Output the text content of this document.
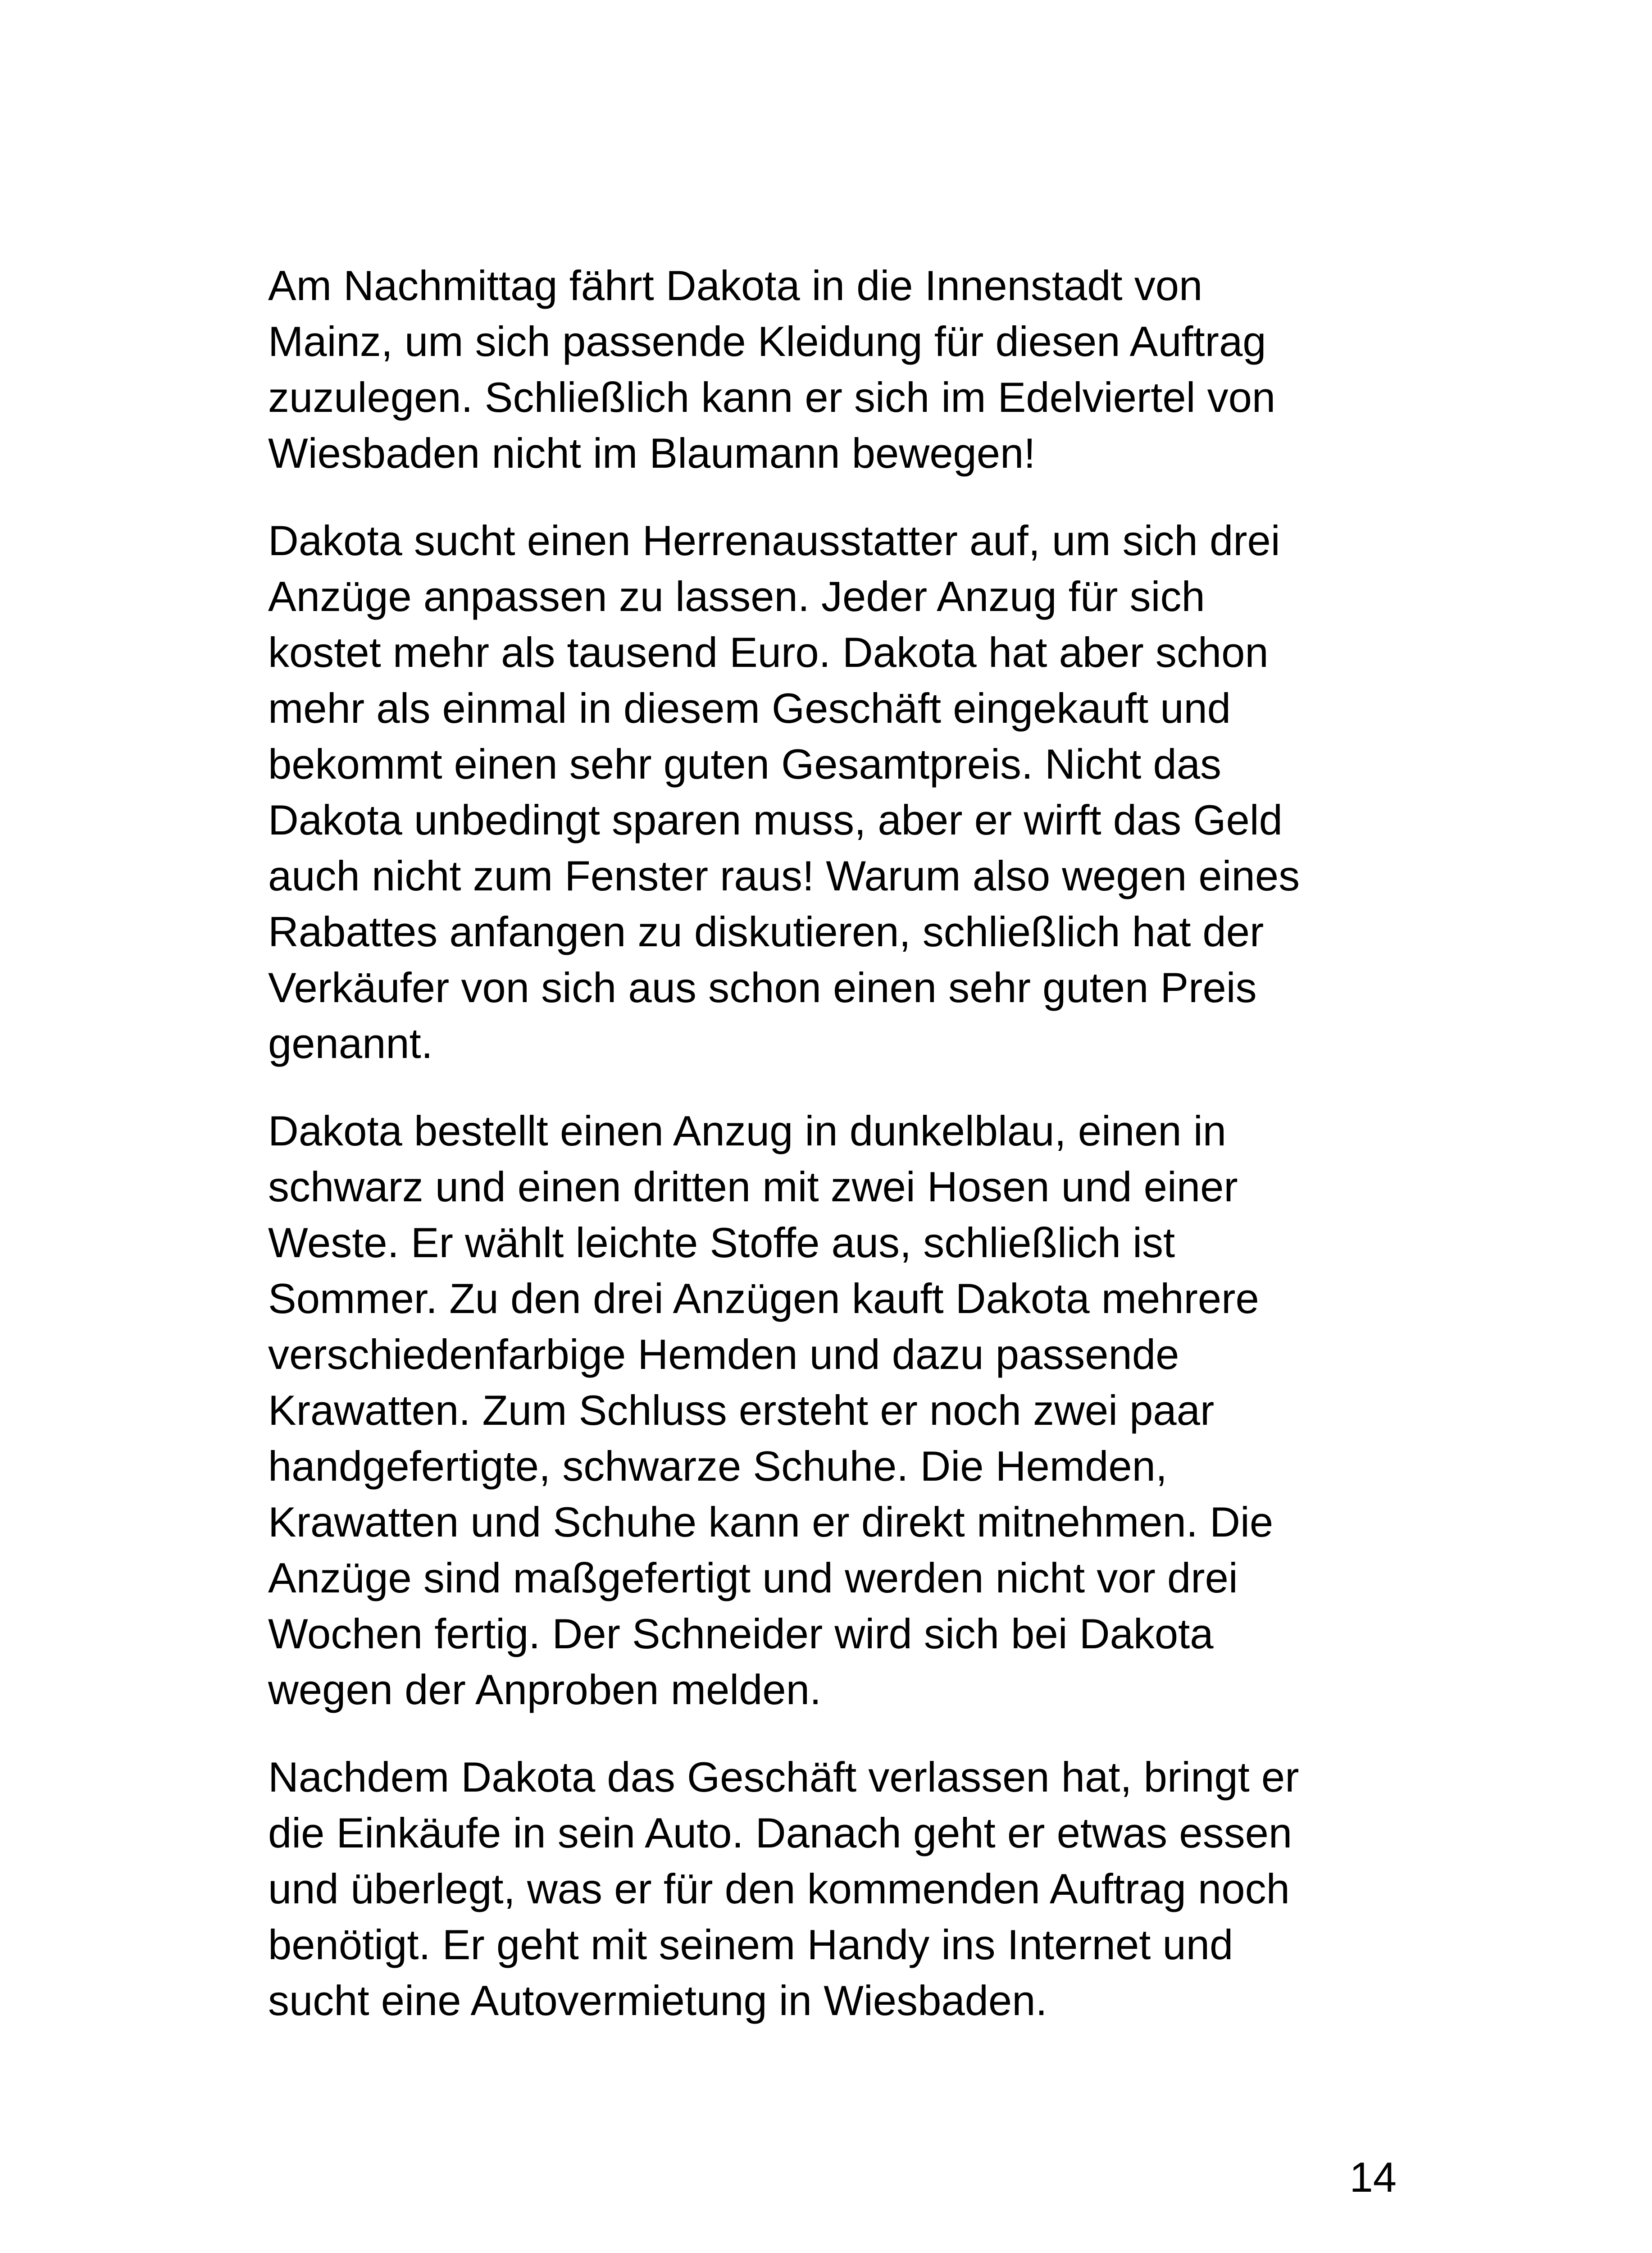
Am Nachmittag fährt Dakota in die Innenstadt von
Mainz, um sich passende Kleidung für diesen Auftrag
zuzulegen. Schließlich kann er sich im Edelviertel von
Wiesbaden nicht im Blaumann bewegen!

Dakota sucht einen Herrenausstatter auf, um sich drei
Anzüge anpassen zu lassen. Jeder Anzug für sich
kostet mehr als tausend Euro. Dakota hat aber schon
mehr als einmal in diesem Geschäft eingekauft und
bekommt einen sehr guten Gesamtpreis. Nicht das
Dakota unbedingt sparen muss, aber er wirft das Geld
auch nicht zum Fenster raus! Warum also wegen eines
Rabattes anfangen zu diskutieren, schließlich hat der
Verkäufer von sich aus schon einen sehr guten Preis
genannt.

Dakota bestellt einen Anzug in dunkelblau, einen in
schwarz und einen dritten mit zwei Hosen und einer
Weste. Er wählt leichte Stoffe aus, schließlich ist
Sommer. Zu den drei Anzügen kauft Dakota mehrere
verschiedenfarbige Hemden und dazu passende
Krawatten. Zum Schluss ersteht er noch zwei paar
handgefertigte, schwarze Schuhe. Die Hemden,
Krawatten und Schuhe kann er direkt mitnehmen. Die
Anzüge sind maßgefertigt und werden nicht vor drei
Wochen fertig. Der Schneider wird sich bei Dakota
wegen der Anproben melden.

Nachdem Dakota das Geschäft verlassen hat, bringt er
die Einkäufe in sein Auto. Danach geht er etwas essen
und überlegt, was er für den kommenden Auftrag noch
benötigt. Er geht mit seinem Handy ins Internet und
sucht eine Autovermietung in Wiesbaden.

14
